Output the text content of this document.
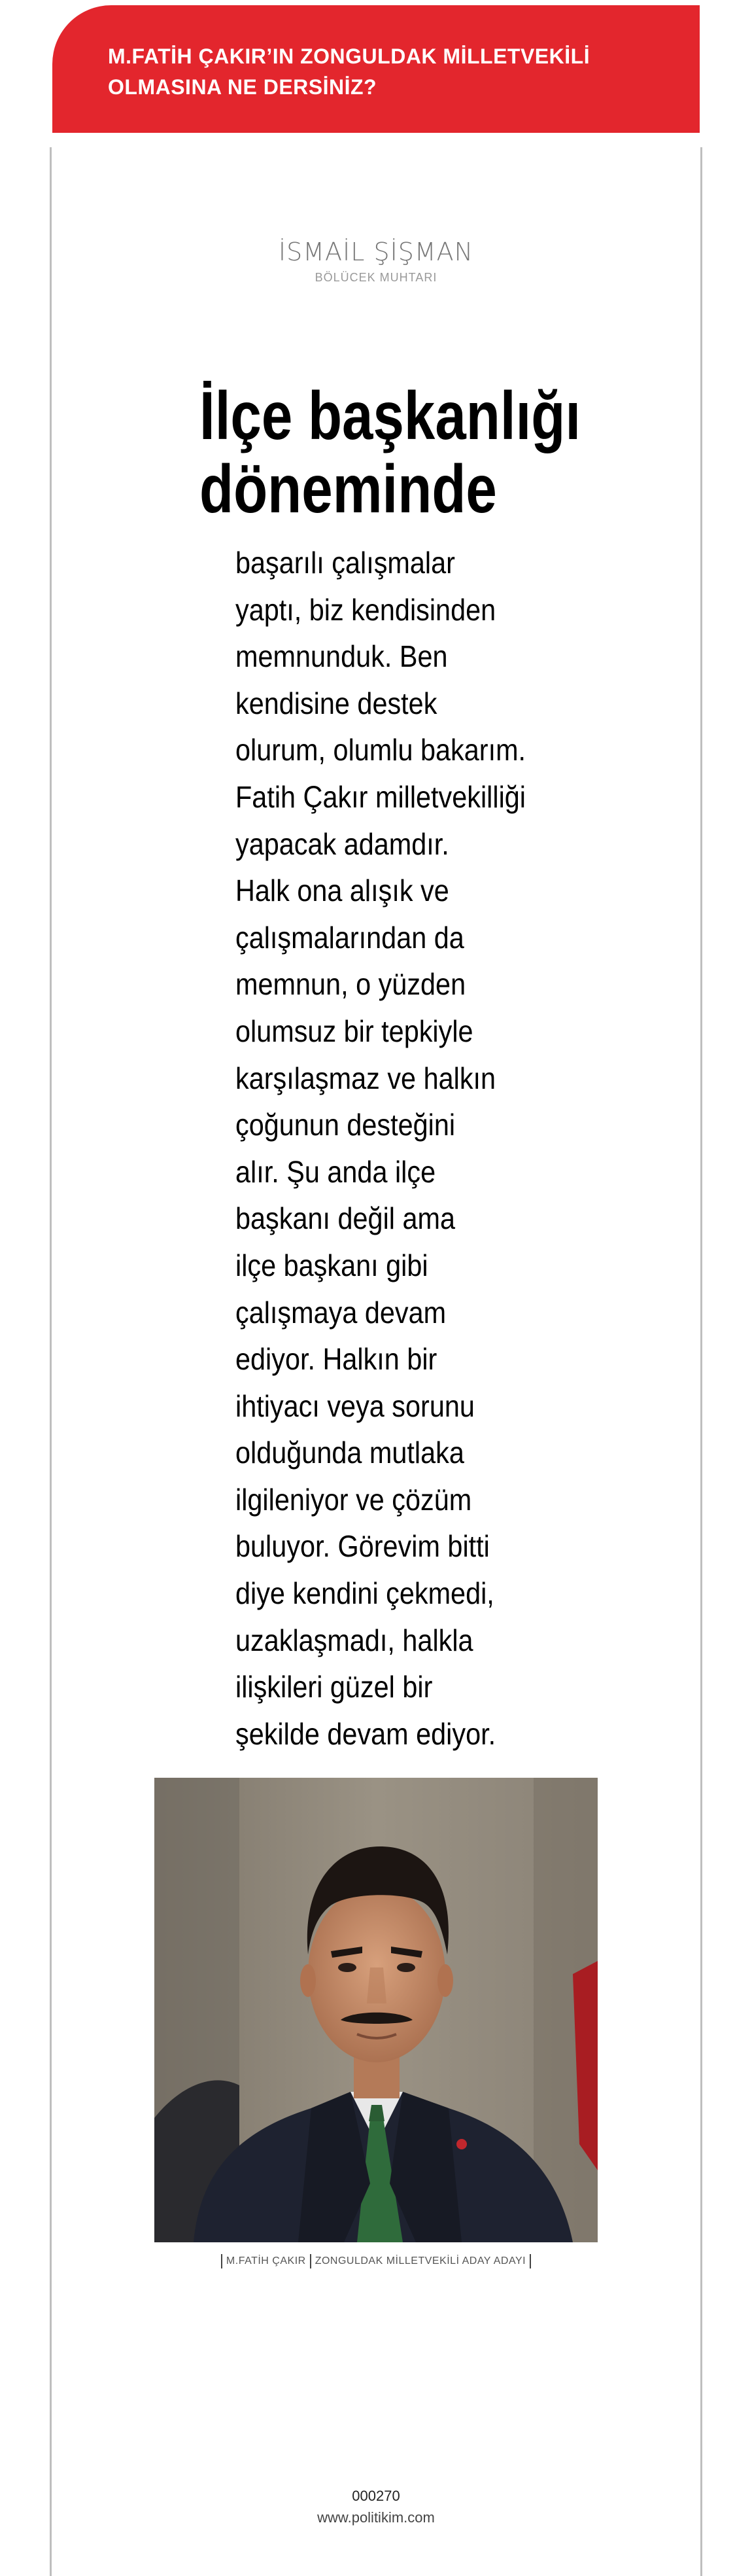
M.FATİH ÇAKIR’IN ZONGULDAK MİLLETVEKİLİ OLMASINA NE DERSİNİZ?
İSMAİL ŞİŞMAN
BÖLÜCEK MUHTARI
İlçe başkanlığı
döneminde

başarılı çalışmalar
yaptı, biz kendisinden
memnunduk. Ben
kendisine destek
olurum, olumlu bakarım.
Fatih Çakır milletvekilliği
yapacak adamdır.
Halk ona alışık ve
çalışmalarından da
memnun, o yüzden
olumsuz bir tepkiyle
karşılaşmaz ve halkın
çoğunun desteğini
alır. Şu anda ilçe
başkanı değil ama
ilçe başkanı gibi
çalışmaya devam
ediyor. Halkın bir
ihtiyacı veya sorunu
olduğunda mutlaka
ilgileniyor ve çözüm
buluyor. Görevim bitti
diye kendini çekmedi,
uzaklaşmadı, halkla
ilişkileri güzel bir
şekilde devam ediyor.

M.FATİH ÇAKIR ZONGULDAK MİLLETVEKİLİ ADAY ADAYI
000270
www.politikim.com
